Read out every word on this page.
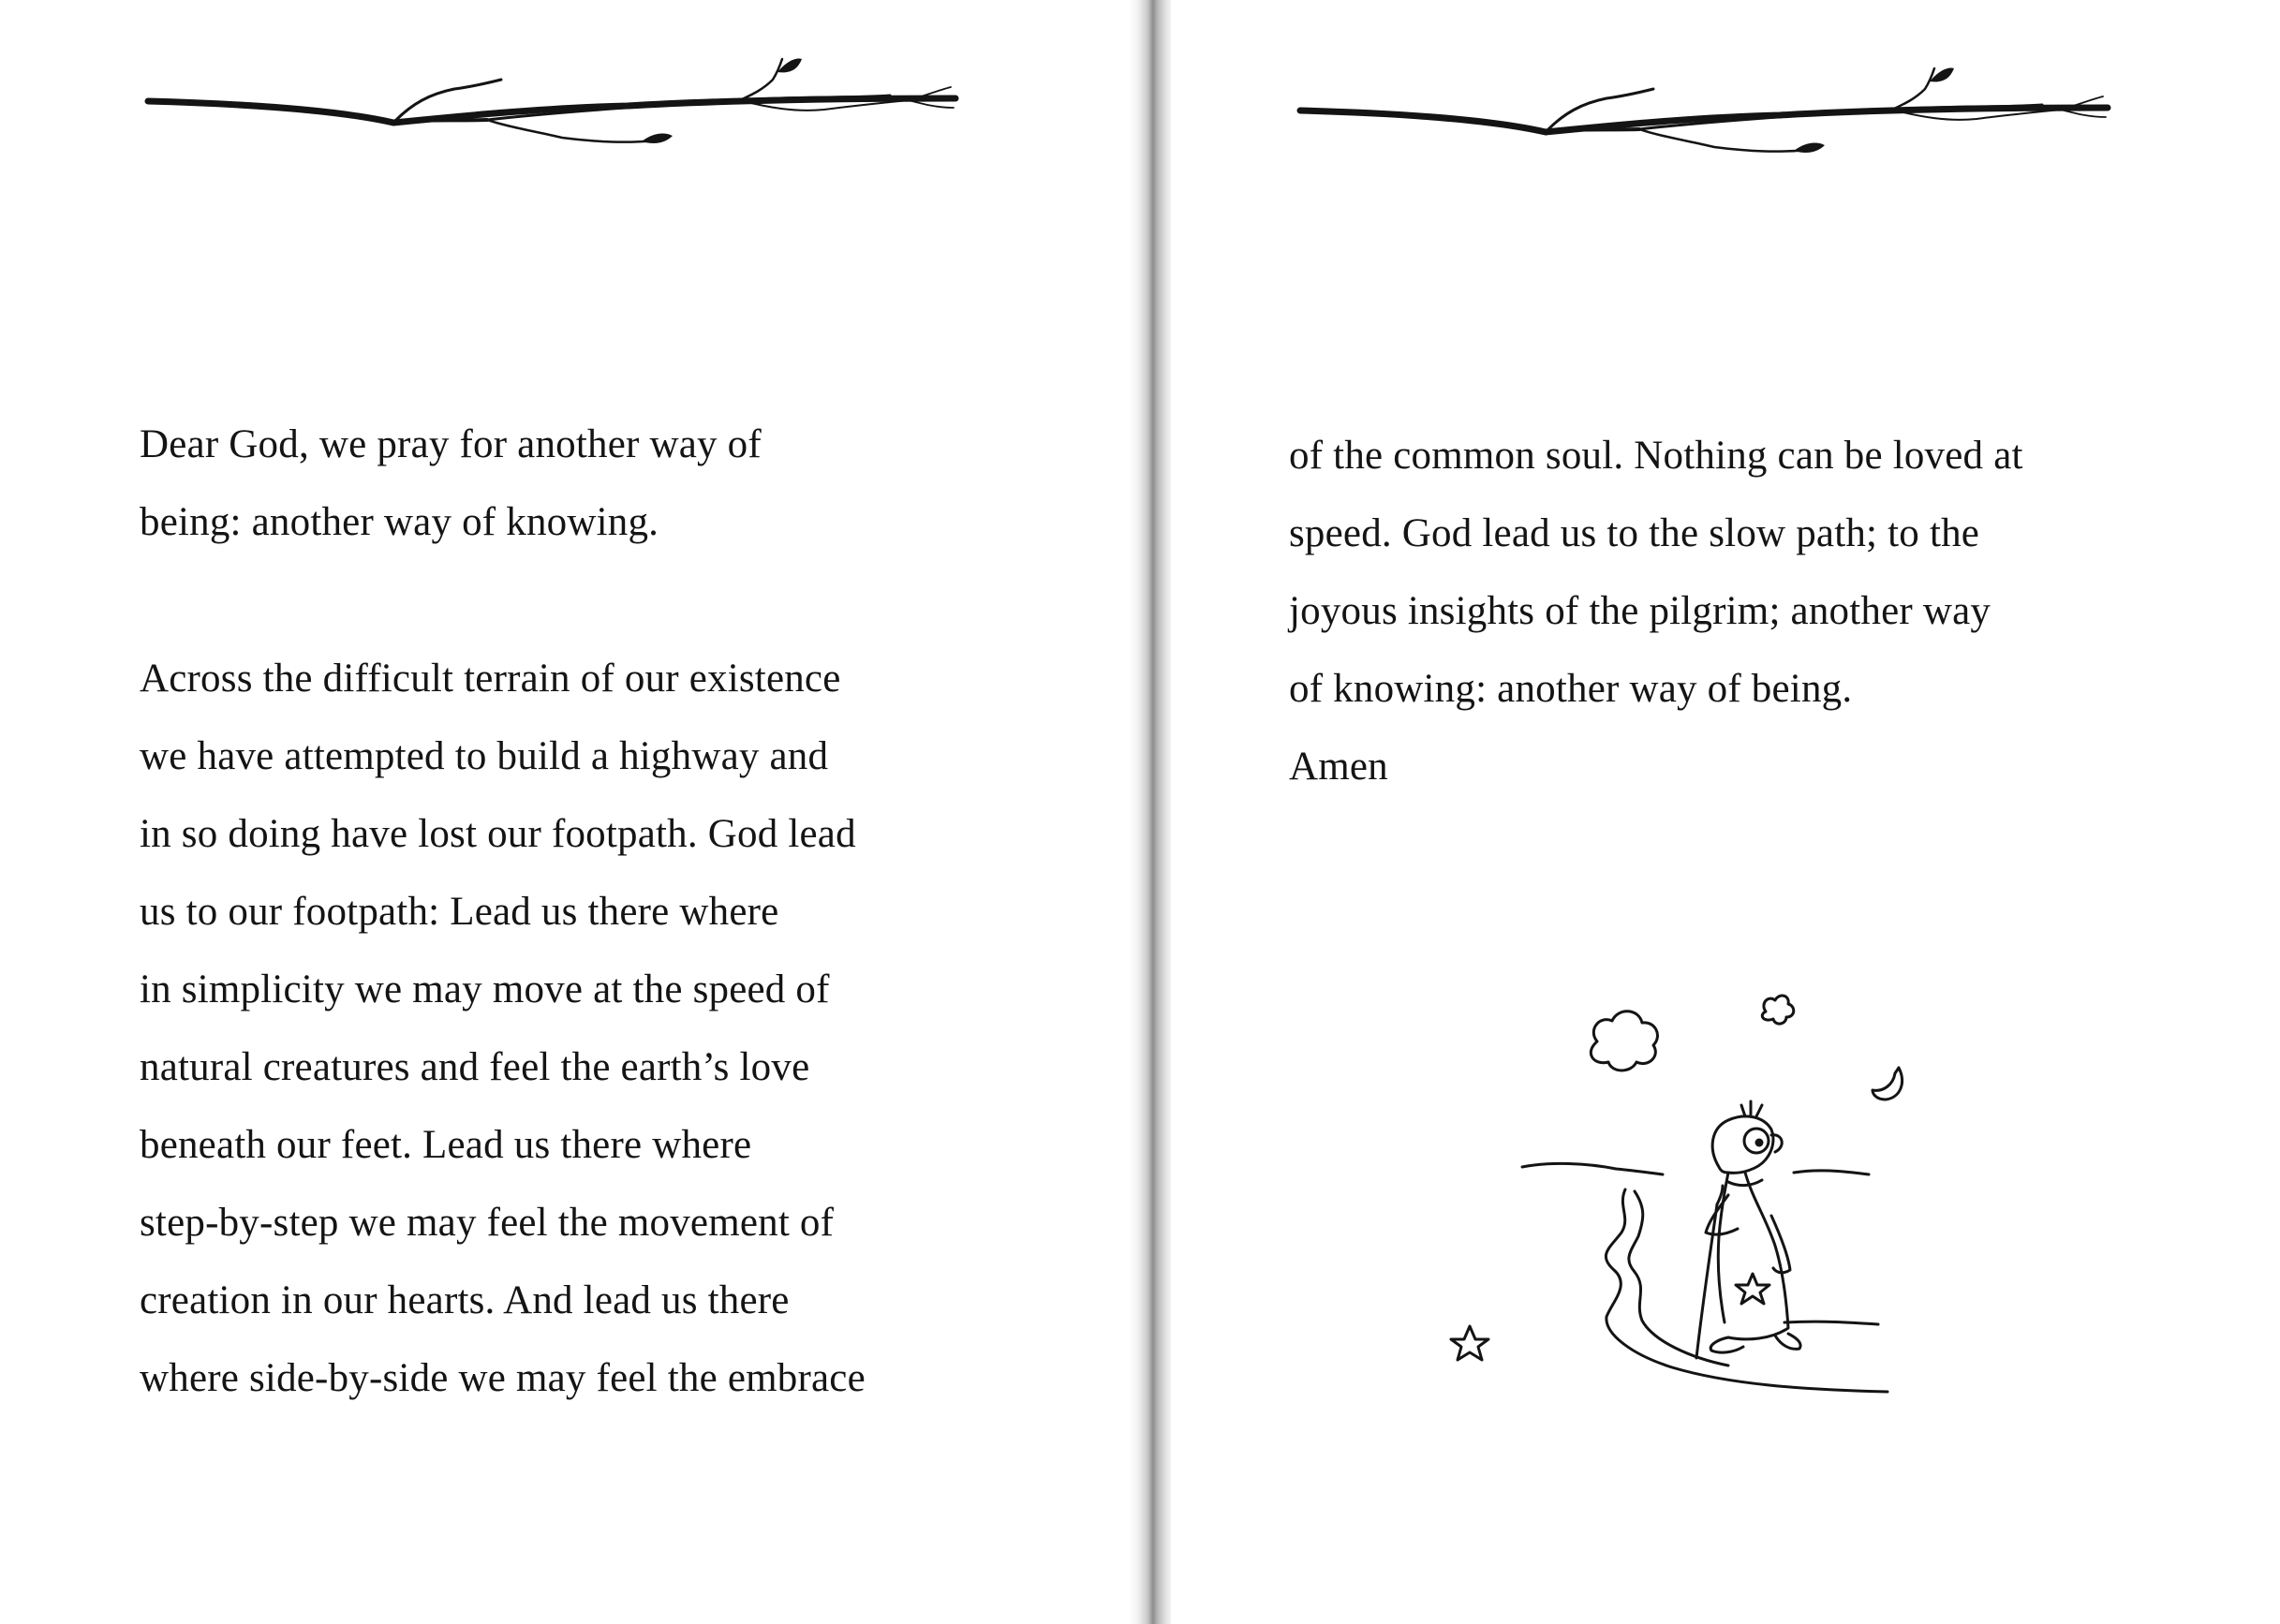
Dear God, we pray for another way of
being: another way of knowing.
Across the difficult terrain of our existence
we have attempted to build a highway and
in so doing have lost our footpath. God lead
us to our footpath: Lead us there where
in simplicity we may move at the speed of
natural creatures and feel the earth’s love
beneath our feet. Lead us there where
step-by-step we may feel the movement of
creation in our hearts. And lead us there
where side-by-side we may feel the embrace
of the common soul. Nothing can be loved at
speed. God lead us to the slow path; to the
joyous insights of the pilgrim; another way
of knowing: another way of being.
Amen
